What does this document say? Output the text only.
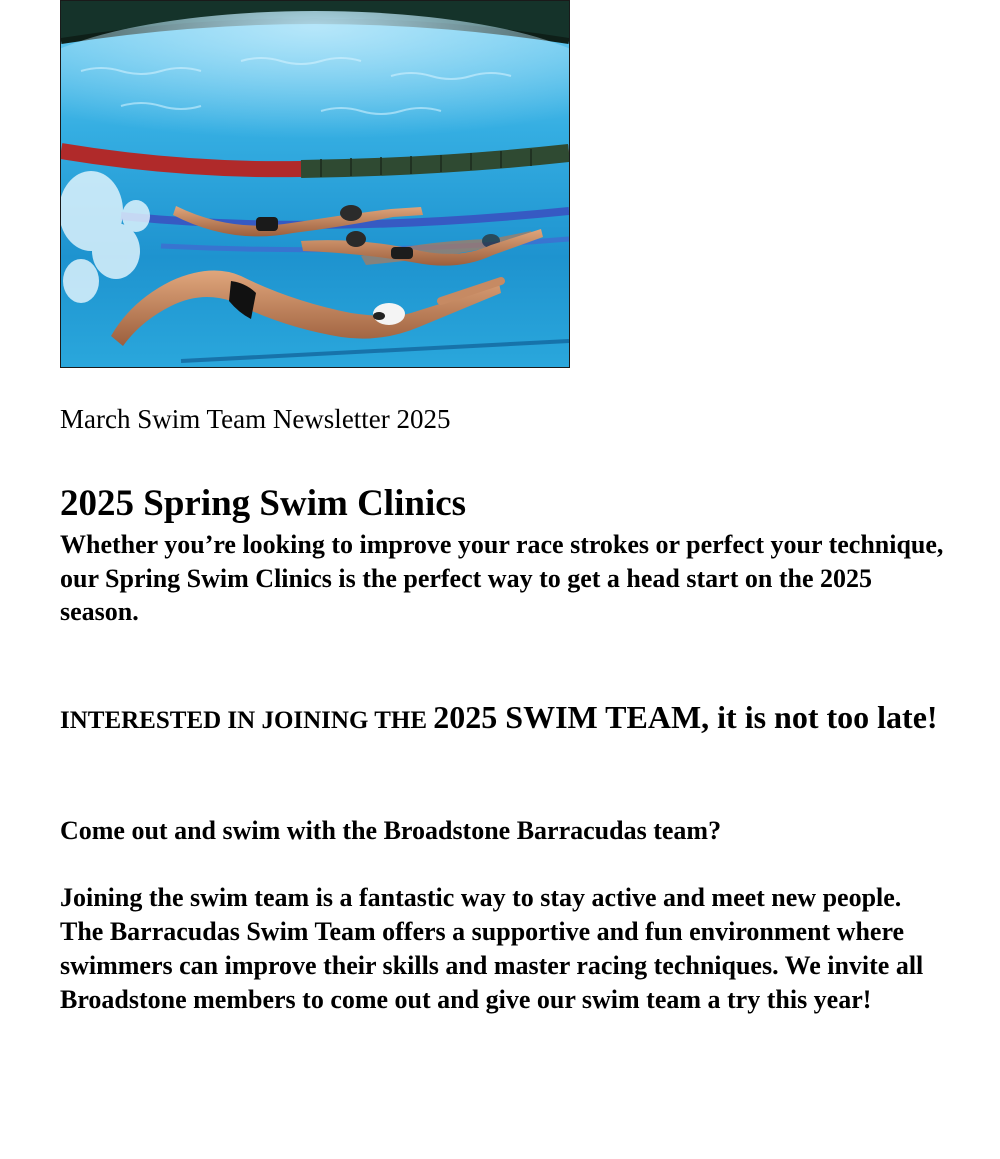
March Swim Team Newsletter 2025
2025 Spring Swim Clinics
Whether you’re looking to improve your race strokes or perfect your technique, our Spring Swim Clinics is the perfect way to get a head start on the 2025 season.
INTERESTED IN JOINING THE 2025 SWIM TEAM, it is not too late!
Come out and swim with the Broadstone Barracudas team?
Joining the swim team is a fantastic way to stay active and meet new people. The Barracudas Swim Team offers a supportive and fun environment where swimmers can improve their skills and master racing techniques. We invite all Broadstone members to come out and give our swim team a try this year!
